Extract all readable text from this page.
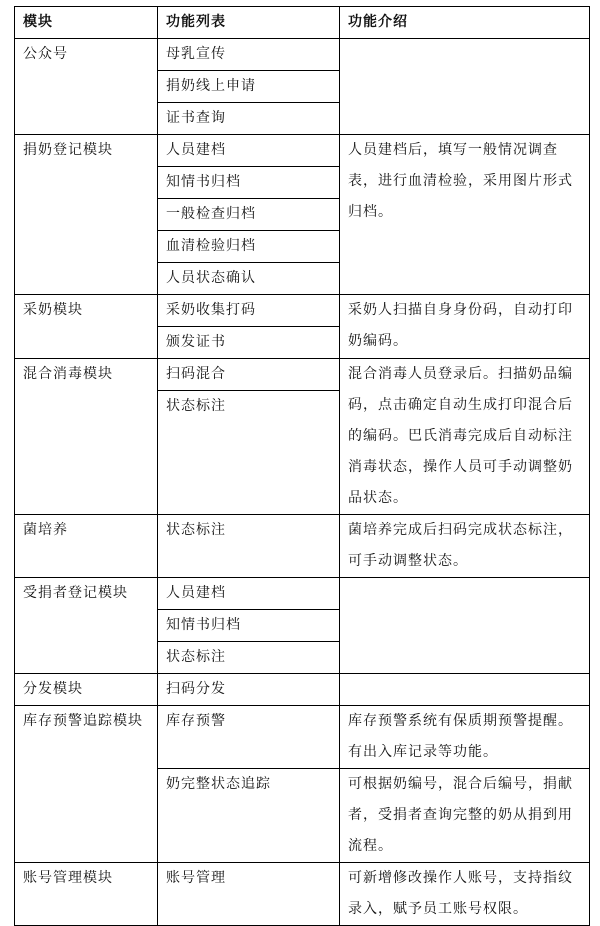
模块	功能列表	功能介绍
公众号	母乳宣传	
	捐奶线上申请	
	证书查询	
捐奶登记模块	人员建档	人员建档后，填写一般情况调查表，进行血清检验，采用图片形式归档。
	知情书归档	
	一般检查归档	
	血清检验归档	
	人员状态确认	
采奶模块	采奶收集打码	采奶人扫描自身身份码，自动打印奶编码。
	颁发证书	
混合消毒模块	扫码混合	混合消毒人员登录后。扫描奶品编码，点击确定自动生成打印混合后的编码。巴氏消毒完成后自动标注消毒状态，操作人员可手动调整奶品状态。
	状态标注	
菌培养	状态标注	菌培养完成后扫码完成状态标注，可手动调整状态。
受捐者登记模块	人员建档	
	知情书归档	
	状态标注	
分发模块	扫码分发	
库存预警追踪模块	库存预警	库存预警系统有保质期预警提醒。有出入库记录等功能。
	奶完整状态追踪	可根据奶编号，混合后编号，捐献者，受捐者查询完整的奶从捐到用流程。
账号管理模块	账号管理	可新增修改操作人账号，支持指纹录入，赋予员工账号权限。
